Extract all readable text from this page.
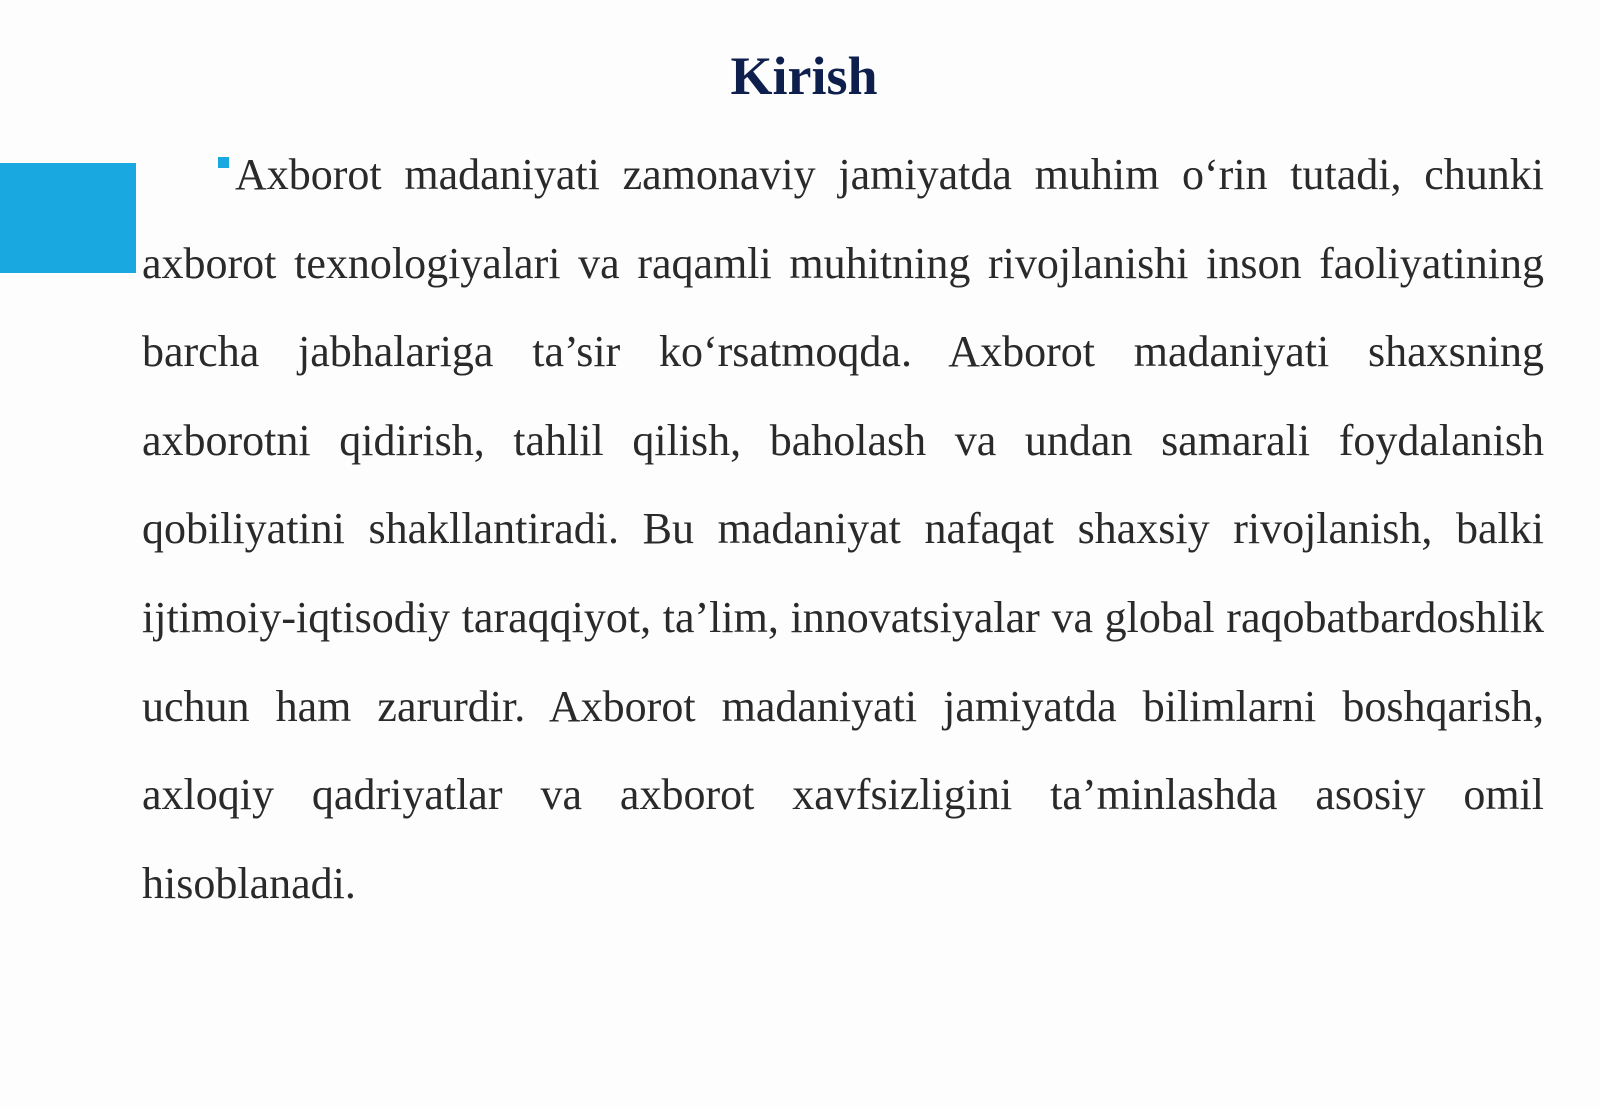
Kirish

Axborot madaniyati zamonaviy jamiyatda muhim o‘rin tutadi, chunki axborot texnologiyalari va raqamli muhitning rivojlanishi inson faoliyatining barcha jabhalariga ta’sir ko‘rsatmoqda. Axborot madaniyati shaxsning axborotni qidirish, tahlil qilish, baholash va undan samarali foydalanish qobiliyatini shakllantiradi. Bu madaniyat nafaqat shaxsiy rivojlanish, balki ijtimoiy-iqtisodiy taraqqiyot, ta’lim, innovatsiyalar va global raqobatbardoshlik uchun ham zarurdir. Axborot madaniyati jamiyatda bilimlarni boshqarish, axloqiy qadriyatlar va axborot xavfsizligini ta’minlashda asosiy omil hisoblanadi.
